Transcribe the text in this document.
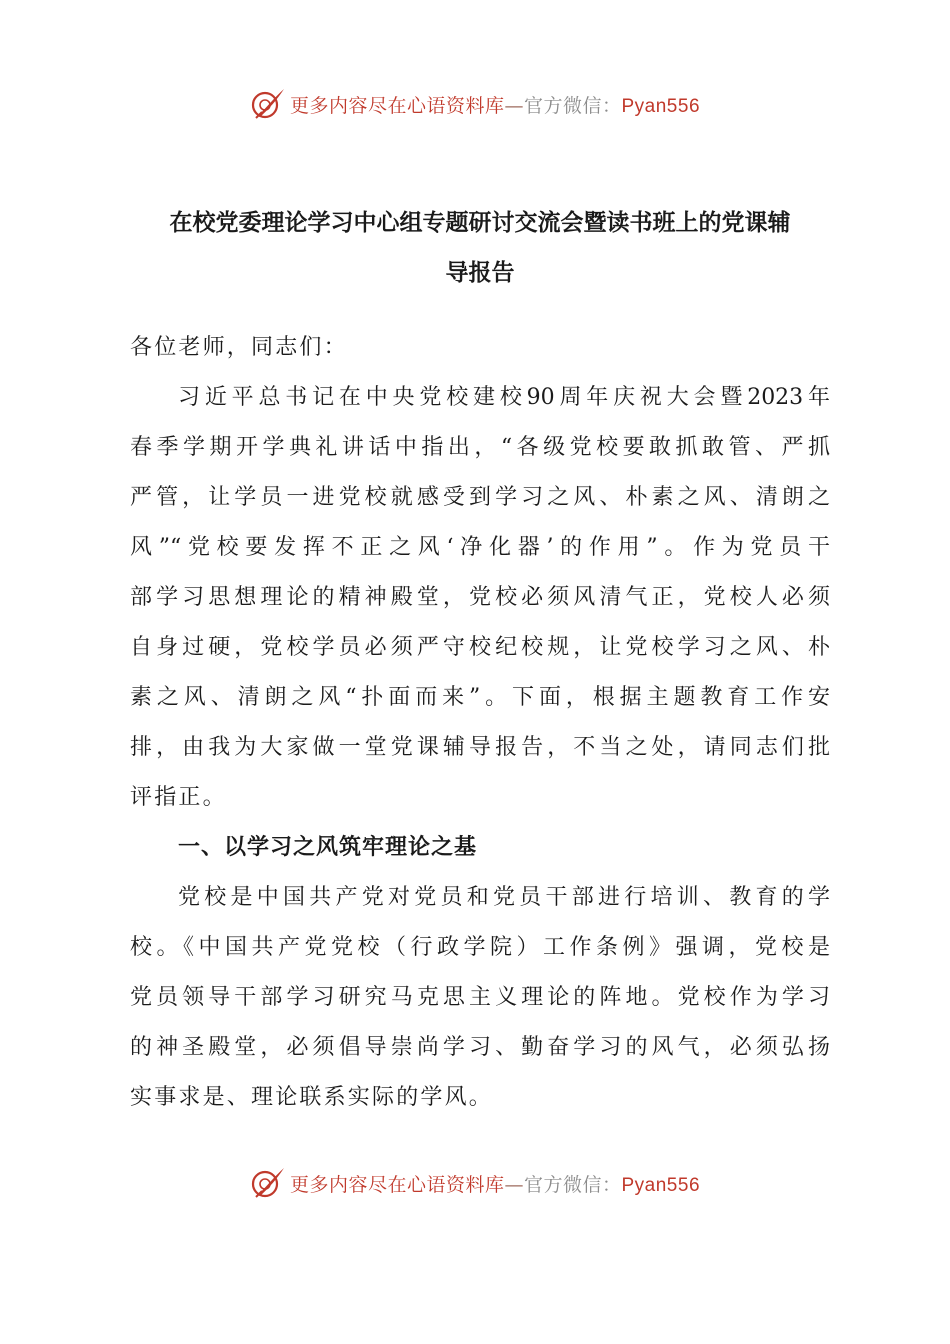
更多内容尽在心语资料库—官方微信：Pyan556
在校党委理论学习中心组专题研讨交流会暨读书班上的党课辅
导报告
各位老师，同志们：
习近平总书记在中央党校建校90周年庆祝大会暨2023年
春季学期开学典礼讲话中指出，“各级党校要敢抓敢管、严抓
严管，让学员一进党校就感受到学习之风、朴素之风、清朗之
风”“党校要发挥不正之风‘净化器’的作用”。作为党员干
部学习思想理论的精神殿堂，党校必须风清气正，党校人必须
自身过硬，党校学员必须严守校纪校规，让党校学习之风、朴
素之风、清朗之风“扑面而来”。下面，根据主题教育工作安
排，由我为大家做一堂党课辅导报告，不当之处，请同志们批
评指正。
一、以学习之风筑牢理论之基
党校是中国共产党对党员和党员干部进行培训、教育的学
校。《中国共产党党校（行政学院）工作条例》强调，党校是
党员领导干部学习研究马克思主义理论的阵地。党校作为学习
的神圣殿堂，必须倡导崇尚学习、勤奋学习的风气，必须弘扬
实事求是、理论联系实际的学风。
更多内容尽在心语资料库—官方微信：Pyan556
